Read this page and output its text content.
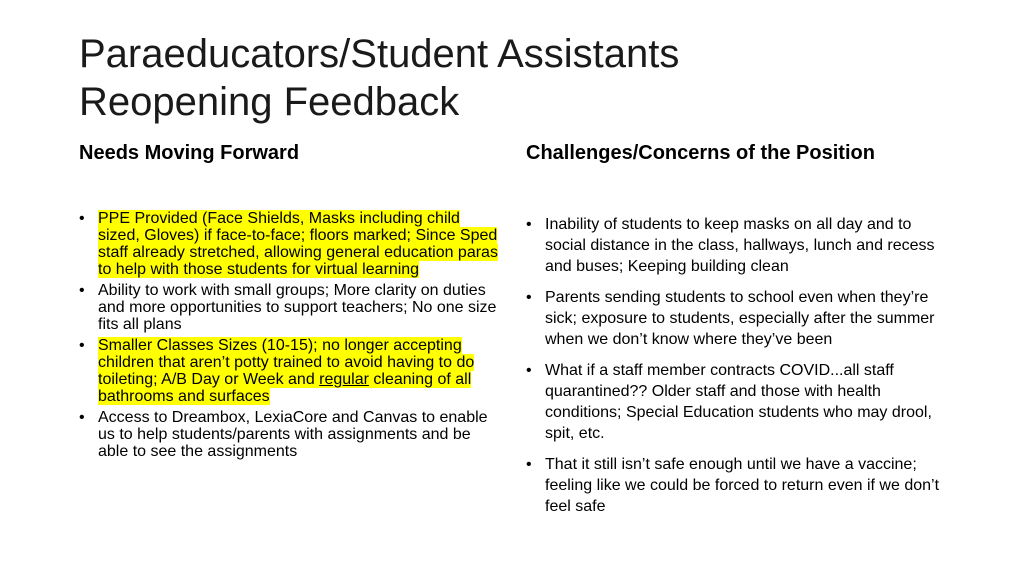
Paraeducators/Student Assistants
Reopening Feedback
Needs Moving Forward	Challenges/Concerns of the Position
• PPE Provided (Face Shields, Masks including child sized, Gloves) if face-to-face; floors marked; Since Sped staff already stretched, allowing general education paras to help with those students for virtual learning
• Ability to work with small groups; More clarity on duties and more opportunities to support teachers; No one size fits all plans
• Smaller Classes Sizes (10-15); no longer accepting children that aren’t potty trained to avoid having to do toileting; A/B Day or Week and regular cleaning of all bathrooms and surfaces
• Access to Dreambox, LexiaCore and Canvas to enable us to help students/parents with assignments and be able to see the assignments
• Inability of students to keep masks on all day and to social distance in the class, hallways, lunch and recess and buses; Keeping building clean
• Parents sending students to school even when they’re sick; exposure to students, especially after the summer when we don’t know where they’ve been
• What if a staff member contracts COVID...all staff quarantined?? Older staff and those with health conditions; Special Education students who may drool, spit, etc.
• That it still isn’t safe enough until we have a vaccine; feeling like we could be forced to return even if we don’t feel safe
